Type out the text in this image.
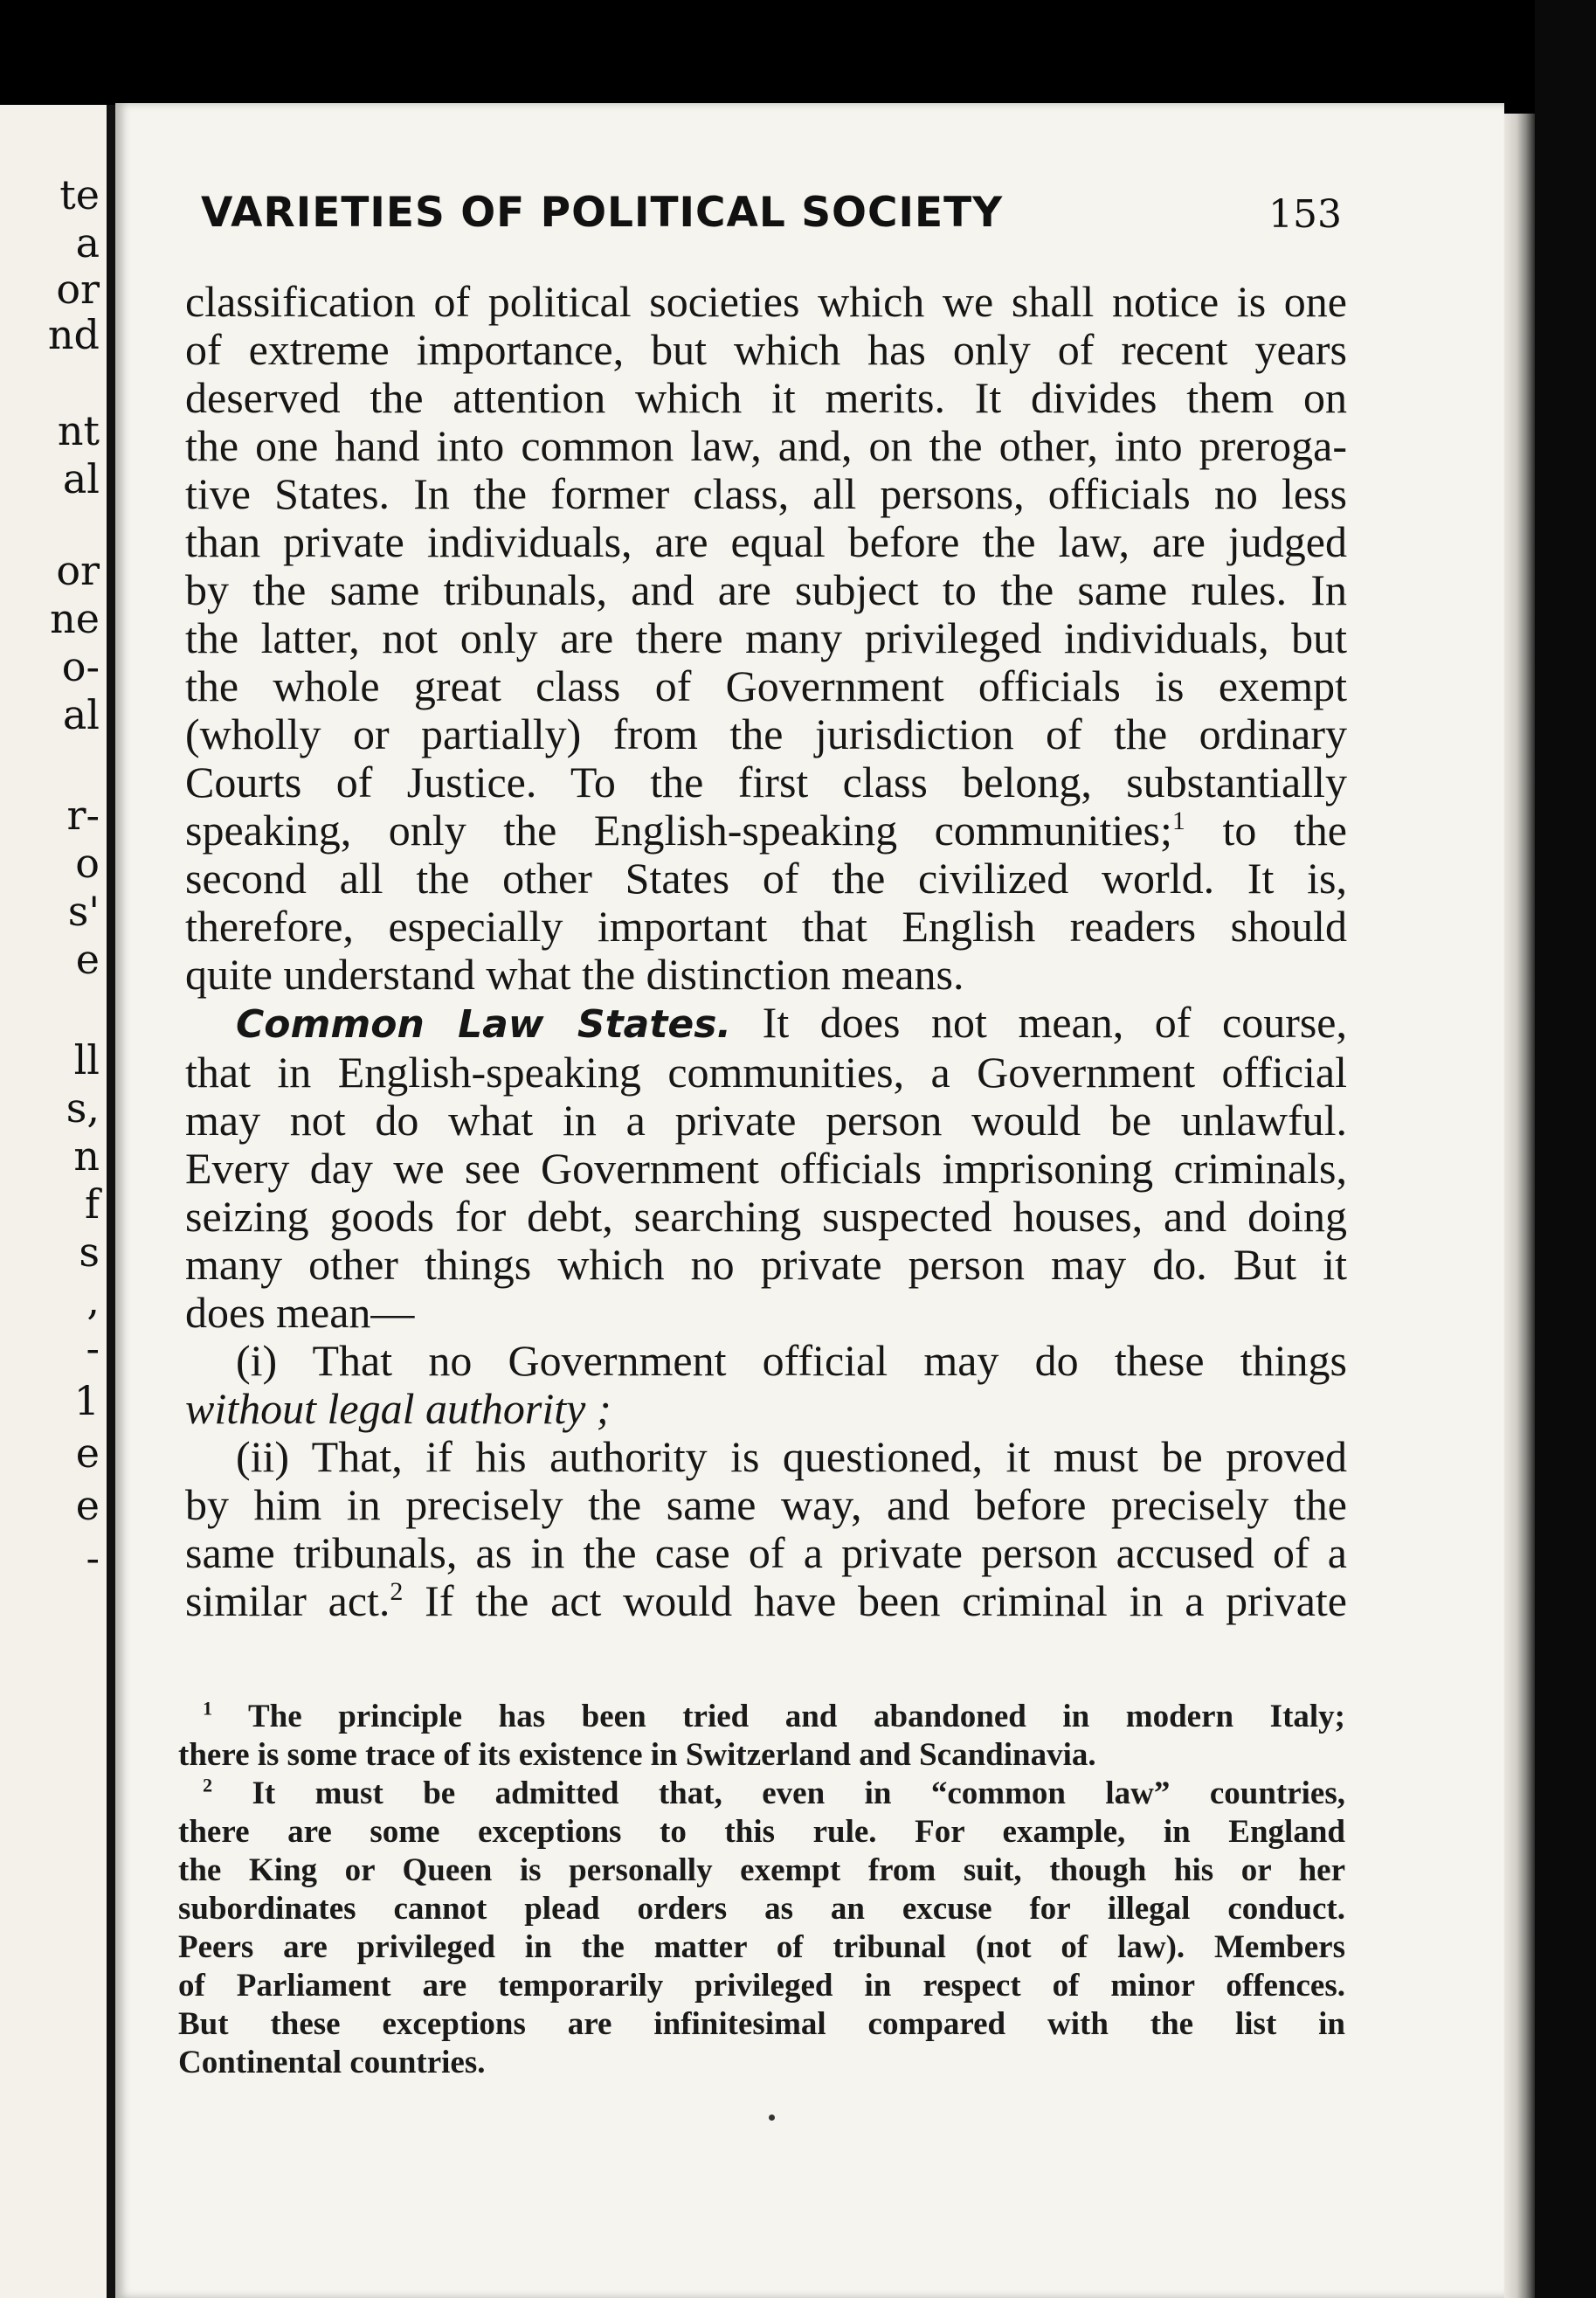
te
a
or
nd
nt
al
or
ne
o-
al
r-
o
s'
e
ll
s,
n
f
s
,
-
1
e
e
-
VARIETIES OF POLITICAL SOCIETY	153

classification of political societies which we shall notice is one
of extreme importance, but which has only of recent years
deserved the attention which it merits. It divides them on
the one hand into common law, and, on the other, into preroga-
tive States. In the former class, all persons, officials no less
than private individuals, are equal before the law, are judged
by the same tribunals, and are subject to the same rules. In
the latter, not only are there many privileged individuals, but
the whole great class of Government officials is exempt
(wholly or partially) from the jurisdiction of the ordinary
Courts of Justice. To the first class belong, substantially
speaking, only the English-speaking communities;$^1$ to the
second all the other States of the civilized world. It is,
therefore, especially important that English readers should
quite understand what the distinction means.

Common Law States. It does not mean, of course,
that in English-speaking communities, a Government official
may not do what in a private person would be unlawful.
Every day we see Government officials imprisoning criminals,
seizing goods for debt, searching suspected houses, and doing
many other things which no private person may do. But it
does mean—

(i) That no Government official may do these things
without legal authority ;

(ii) That, if his authority is questioned, it must be proved
by him in precisely the same way, and before precisely the
same tribunals, as in the case of a private person accused of a
similar act.$^2$ If the act would have been criminal in a private

$^1$ The principle has been tried and abandoned in modern Italy;
there is some trace of its existence in Switzerland and Scandinavia.
$^2$ It must be admitted that, even in “common law” countries,
there are some exceptions to this rule. For example, in England
the King or Queen is personally exempt from suit, though his or her
subordinates cannot plead orders as an excuse for illegal conduct.
Peers are privileged in the matter of tribunal (not of law). Members
of Parliament are temporarily privileged in respect of minor offences.
But these exceptions are infinitesimal compared with the list in
Continental countries.
